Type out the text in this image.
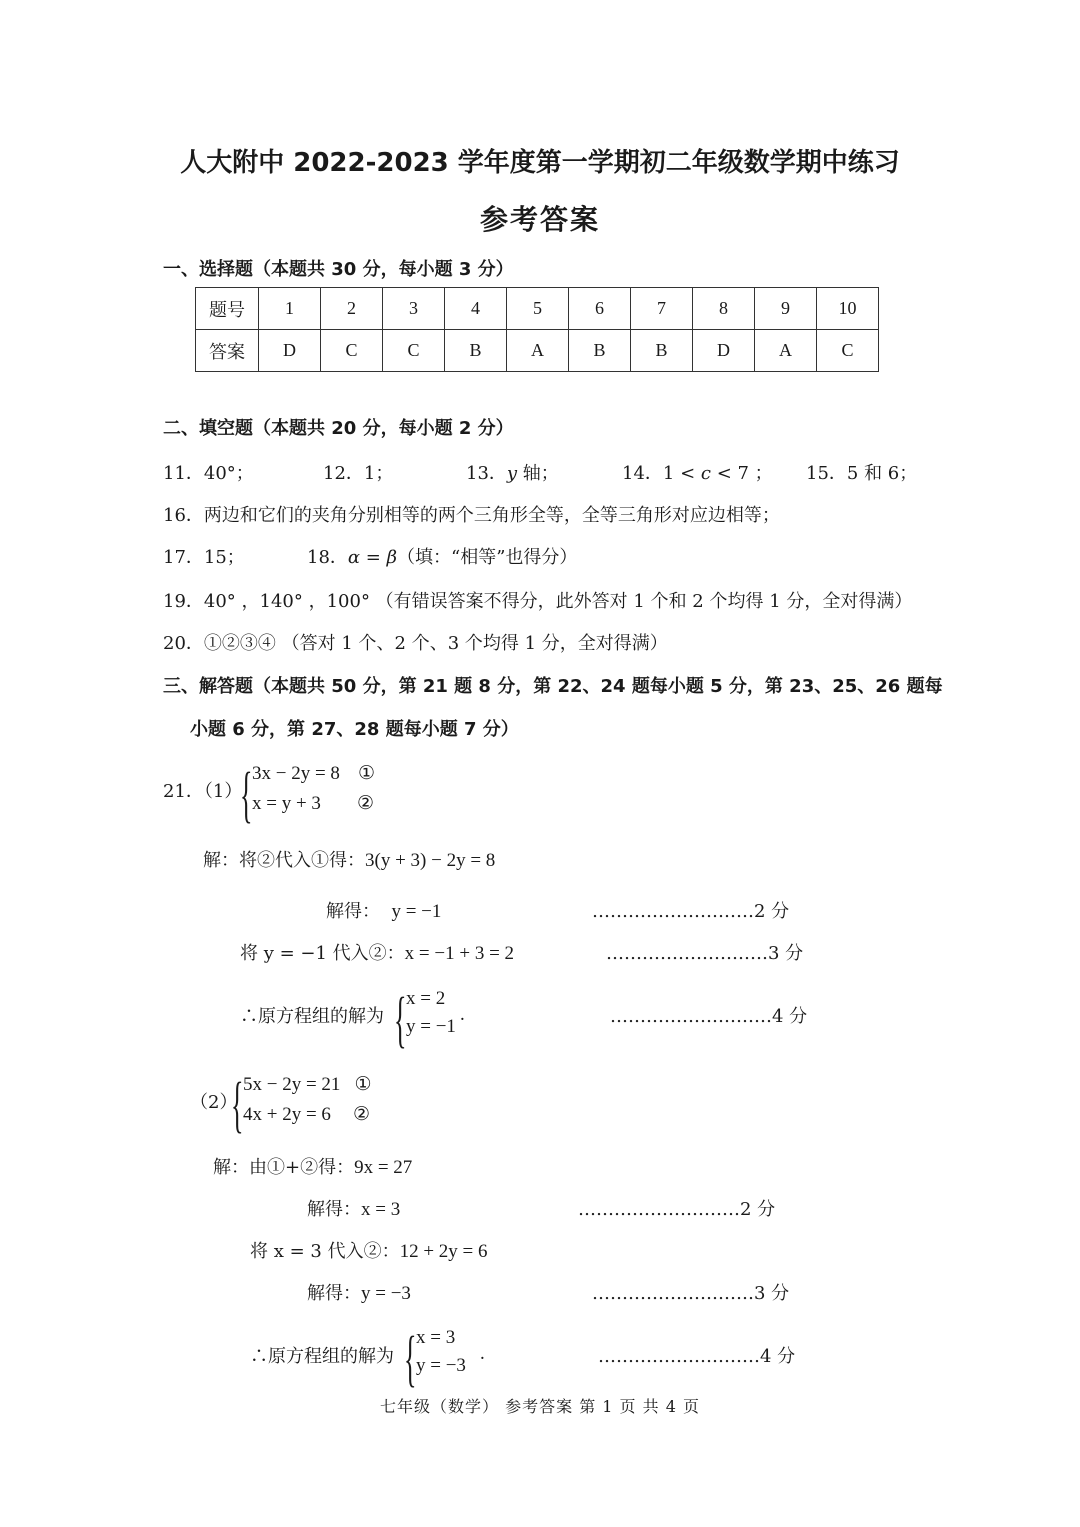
人大附中 2022-2023 学年度第一学期初二年级数学期中练习
参考答案
一、选择题（本题共 30 分，每小题 3 分）
题号	1	2	3	4	5	6	7	8	9	10
答案	D	C	C	B	A	B	B	D	A	C
二、填空题（本题共 20 分，每小题 2 分）
11．40°；	12．1；	13．y 轴；	14．1 < c < 7 ； 15．5 和 6；
16．两边和它们的夹角分别相等的两个三角形全等，全等三角形对应边相等；
17．15；	18．α = β（填：“相等”也得分）
19．40° ，140° ，100° （有错误答案不得分，此外答对 1 个和 2 个均得 1 分，全对得满）
20．①②③④ （答对 1 个、2 个、3 个均得 1 分，全对得满）
三、解答题（本题共 50 分，第 21 题 8 分，第 22、24 题每小题 5 分，第 23、25、26 题每
小题 6 分，第 27、28 题每小题 7 分）
21．（1）
{ 3x − 2y = 8 ①
x = y + 3 ②
解：将②代入①得：3(y + 3) − 2y = 8
解得： y = −1	………………………2 分
将 y = −1 代入②：x = −1 + 3 = 2	………………………3 分
∴原方程组的解为 { x = 2
y = −1
.	………………………4 分
（2）
{ 5x − 2y = 21 ①
4x + 2y = 6 ②
解：由①+②得：9x = 27
解得：x = 3	………………………2 分
将 x = 3 代入②：12 + 2y = 6
解得：y = −3	………………………3 分
∴原方程组的解为 { x = 3
y = −3
.	………………………4 分
七年级（数学） 参考答案 第 1 页 共 4 页
